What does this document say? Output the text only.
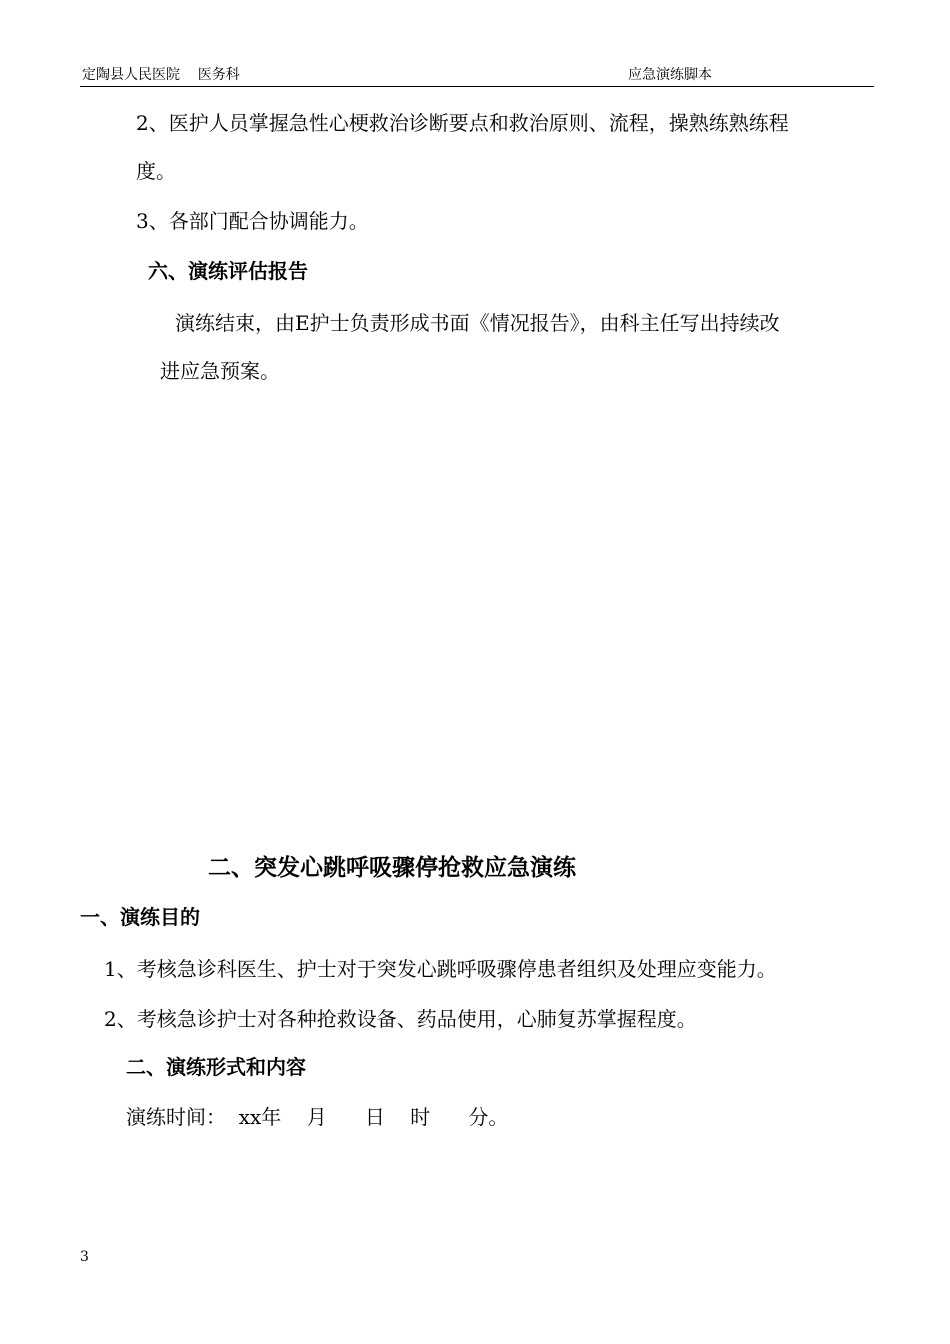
定陶县人民医院    医务科	应急演练脚本
2、医护人员掌握急性心梗救治诊断要点和救治原则、流程，操熟练熟练程
度。
3、各部门配合协调能力。
六、演练评估报告
演练结束，由E护士负责形成书面《情况报告》，由科主任写出持续改
进应急预案。
二、突发心跳呼吸骤停抢救应急演练
一、演练目的
1、考核急诊科医生、护士对于突发心跳呼吸骤停患者组织及处理应变能力。
2、考核急诊护士对各种抢救设备、药品使用，心肺复苏掌握程度。
二、演练形式和内容
演练时间：  xx年    月      日    时      分。
3
